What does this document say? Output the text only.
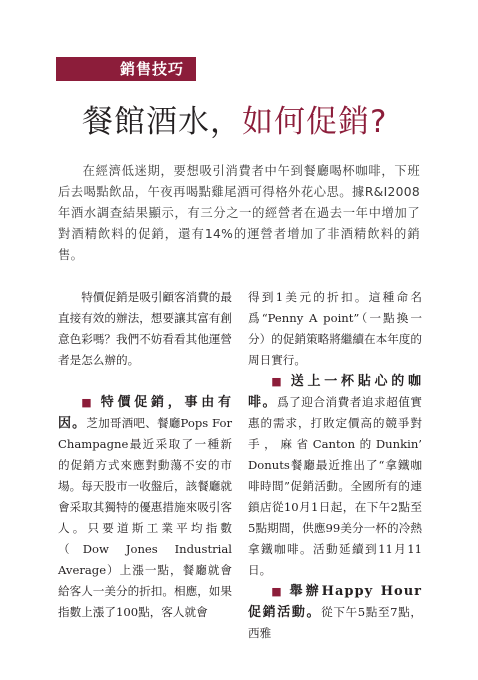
銷售技巧
餐館酒水，如何促銷?

在經濟低迷期，要想吸引消費者中午到餐廳喝杯咖啡，下班后去喝點飲品，午夜再喝點雞尾酒可得格外花心思。據R&I2008年酒水調查結果顯示，有三分之一的經營者在過去一年中增加了對酒精飲料的促銷，還有14%的運營者增加了非酒精飲料的銷售。

特價促銷是吸引顧客消費的最直接有效的辦法，想要讓其富有創意色彩嗎？我們不妨看看其他運營者是怎么辦的。

■ 特價促銷，事由有因。芝加哥酒吧、餐廳Pops For Champagne最近采取了一種新的促銷方式來應對動蕩不安的市場。每天股市一收盤后，該餐廳就會采取其獨特的優惠措施來吸引客人。只要道斯工業平均指數（Dow Jones Industrial Average）上漲一點，餐廳就會給客人一美分的折扣。相應，如果指數上漲了100點，客人就會

得到1美元的折扣。這種命名爲“Penny A point”（一點換一分）的促銷策略將繼續在本年度的周日實行。

■ 送上一杯貼心的咖啡。爲了迎合消費者追求超值實惠的需求，打敗定價高的競爭對手，麻省Canton的Dunkin’ Donuts餐廳最近推出了“拿鐵咖啡時間”促銷活動。全國所有的連鎖店從10月1日起，在下午2點至5點期間，供應99美分一杯的冷熱拿鐵咖啡。活動延續到11月11日。

■ 舉辦Happy Hour促銷活動。從下午5點至7點，西雅
